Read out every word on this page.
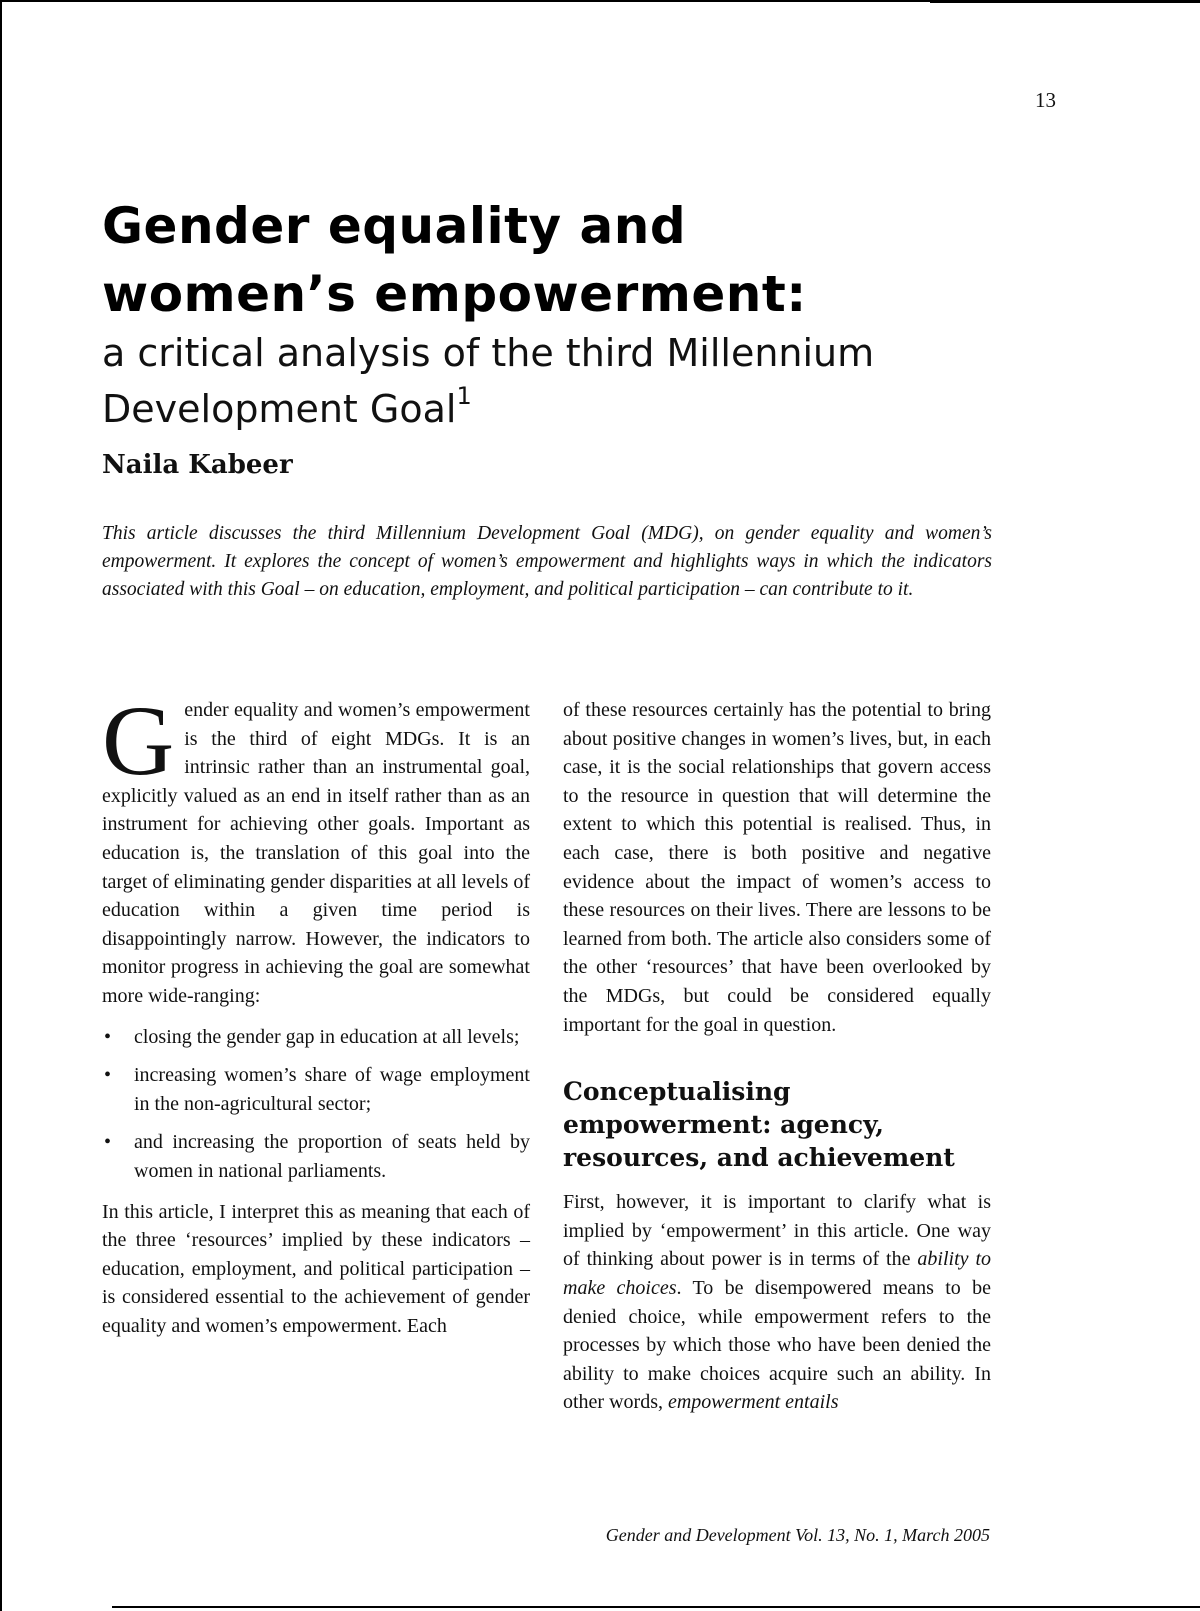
13
Gender equality and
women’s empowerment:
a critical analysis of the third Millennium Development Goal$^1$
Naila Kabeer

This article discusses the third Millennium Development Goal (MDG), on gender equality and women’s empowerment. It explores the concept of women’s empowerment and highlights ways in which the indicators associated with this Goal – on education, employment, and political participation – can contribute to it.

Gender equality and women’s empowerment is the third of eight MDGs. It is an intrinsic rather than an instrumental goal, explicitly valued as an end in itself rather than as an instrument for achieving other goals. Important as education is, the translation of this goal into the target of eliminating gender disparities at all levels of education within a given time period is disappointingly narrow. However, the indicators to monitor progress in achieving the goal are somewhat more wide-ranging:

• closing the gender gap in education at all levels;
• increasing women’s share of wage employment in the non-agricultural sector;
• and increasing the proportion of seats held by women in national parliaments.

In this article, I interpret this as meaning that each of the three ‘resources’ implied by these indicators – education, employment, and political participation – is considered essential to the achievement of gender equality and women’s empowerment. Each

of these resources certainly has the potential to bring about positive changes in women’s lives, but, in each case, it is the social relationships that govern access to the resource in question that will determine the extent to which this potential is realised. Thus, in each case, there is both positive and negative evidence about the impact of women’s access to these resources on their lives. There are lessons to be learned from both. The article also considers some of the other ‘resources’ that have been overlooked by the MDGs, but could be considered equally important for the goal in question.

Conceptualising empowerment: agency, resources, and achievement

First, however, it is important to clarify what is implied by ‘empowerment’ in this article. One way of thinking about power is in terms of the ability to make choices. To be disempowered means to be denied choice, while empowerment refers to the processes by which those who have been denied the ability to make choices acquire such an ability. In other words, empowerment entails

Gender and Development Vol. 13, No. 1, March 2005
